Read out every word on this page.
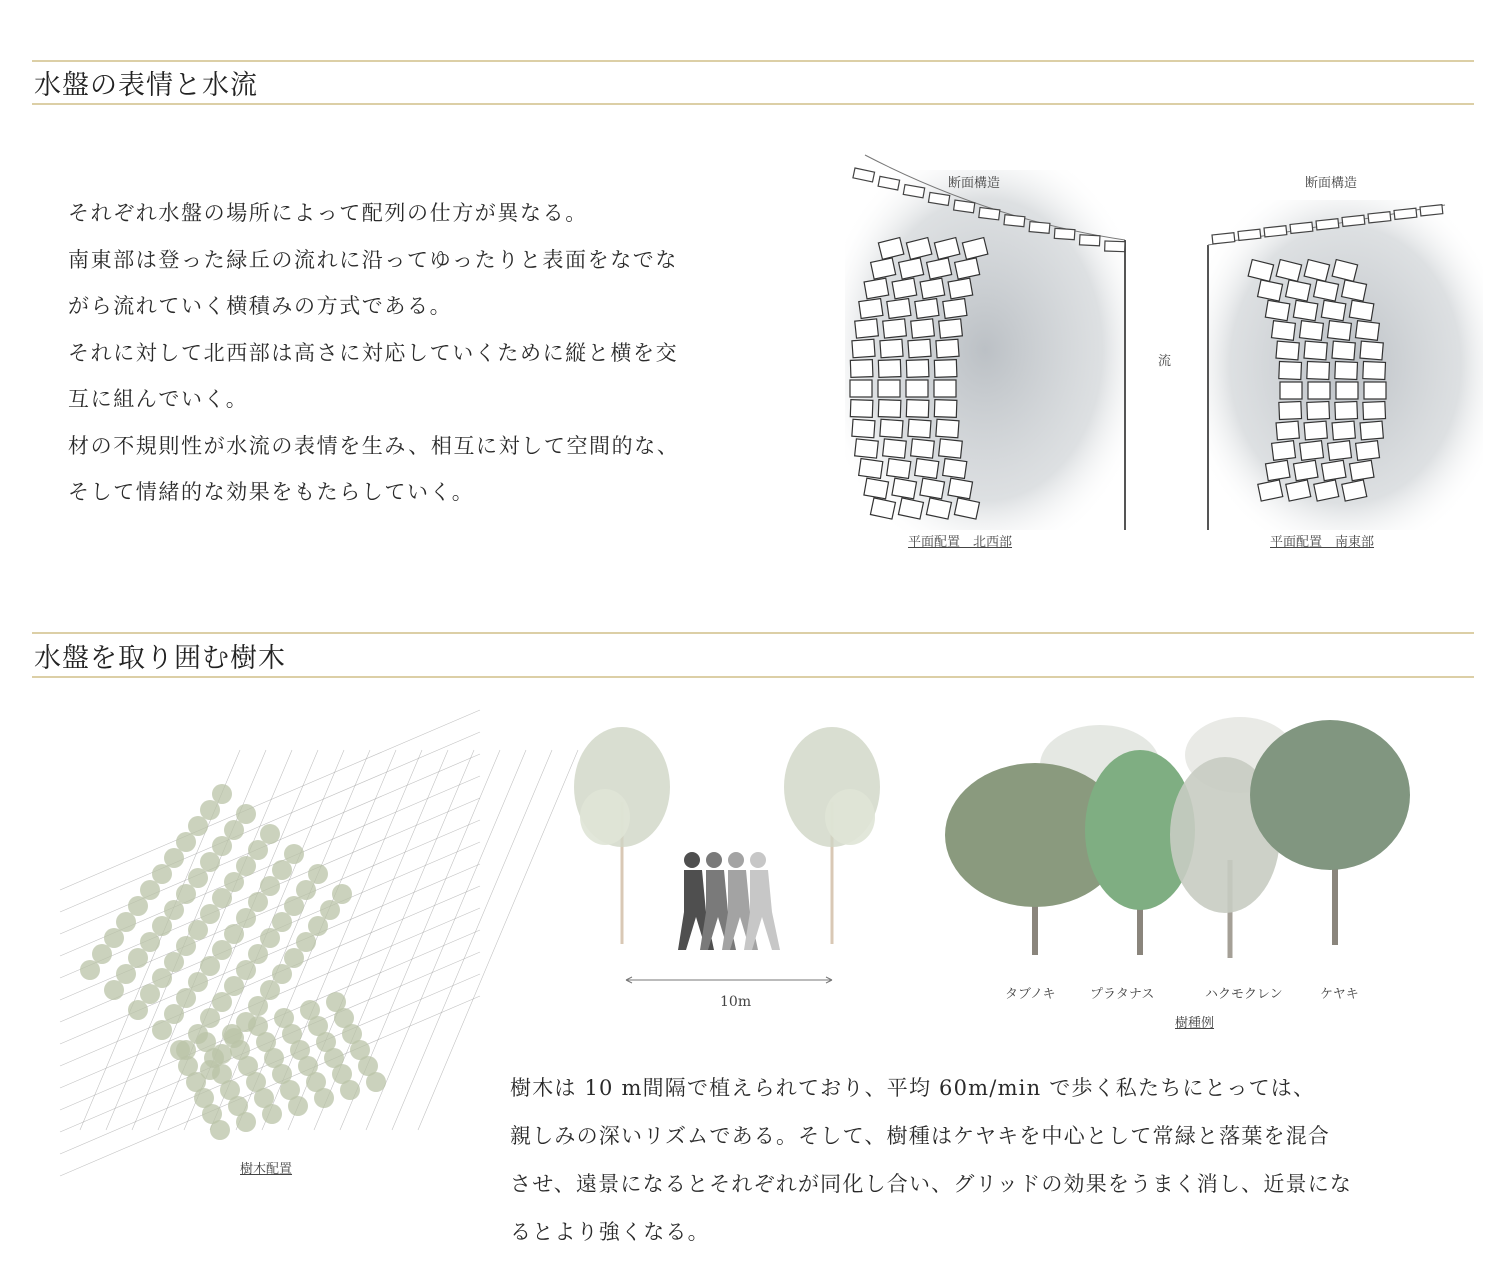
水盤の表情と水流
それぞれ水盤の場所によって配列の仕方が異なる。
南東部は登った緑丘の流れに沿ってゆったりと表面をなでな
がら流れていく横積みの方式である。
それに対して北西部は高さに対応していくために縦と横を交
互に組んでいく。
材の不規則性が水流の表情を生み、相互に対して空間的な、
そして情緒的な効果をもたらしていく。
断面構造	断面構造
流
平面配置　北西部	平面配置　南東部
水盤を取り囲む樹木
樹木配置
10m	タブノキ	プラタナス	ハクモクレン	ケヤキ
樹種例
樹木は 10 m間隔で植えられており、平均 60m/min で歩く私たちにとっては、
親しみの深いリズムである。そして、樹種はケヤキを中心として常緑と落葉を混合
させ、遠景になるとそれぞれが同化し合い、グリッドの効果をうまく消し、近景にな
るとより強くなる。
